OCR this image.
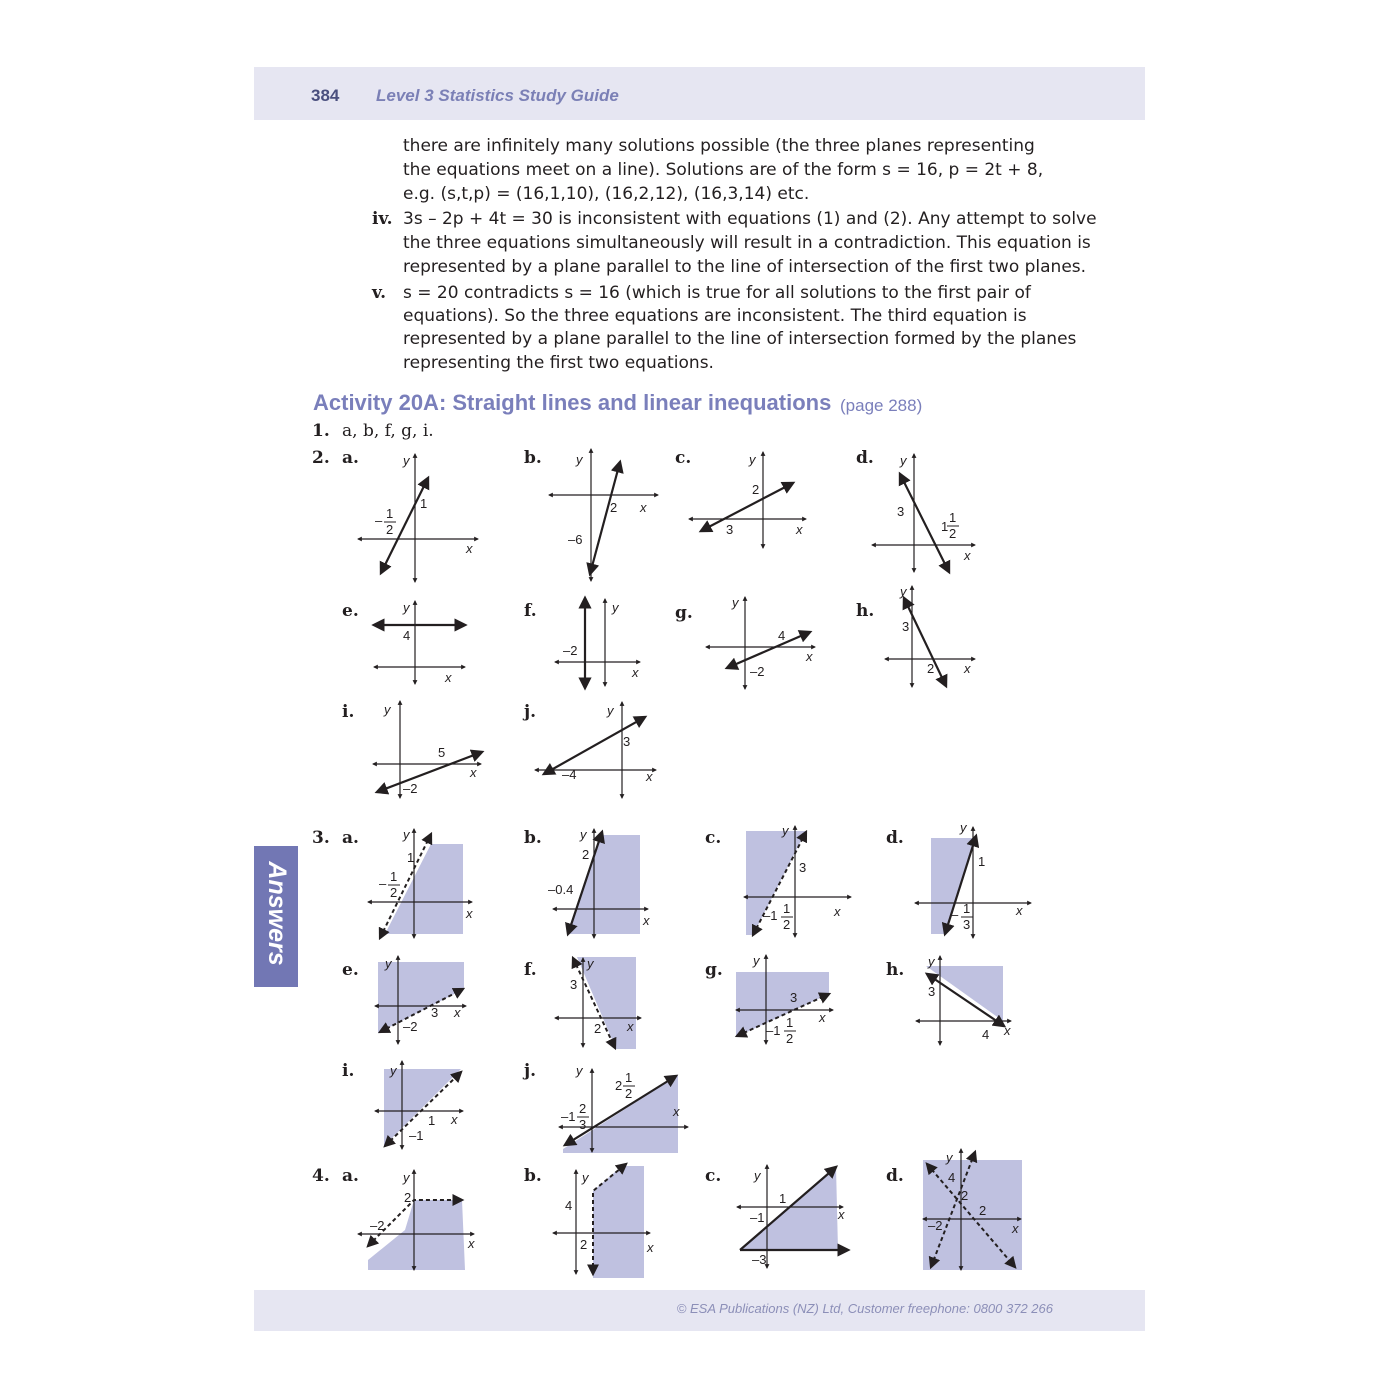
384 Level 3 Statistics Study Guide
there are infinitely many solutions possible (the three planes representing
the equations meet on a line). Solutions are of the form s = 16, p = 2t + 8,
e.g. (s,t,p) = (16,1,10), (16,2,12), (16,3,14) etc.
iv. 3s – 2p + 4t = 30 is inconsistent with equations (1) and (2). Any attempt to solve
the three equations simultaneously will result in a contradiction. This equation is
represented by a plane parallel to the line of intersection of the first two planes.
v. s = 20 contradicts s = 16 (which is true for all solutions to the first pair of
equations). So the three equations are inconsistent. The third equation is
represented by a plane parallel to the line of intersection formed by the planes
representing the first two equations.
Activity 20A: Straight lines and linear inequations (page 288)
1. a, b, f, g, i.
2. a.	b.	c.	d.
e.	f.	g.	h.
i.	j.
3. a.	b.	c.	d.
e.	f.	g.	h.
i.	j.
4. a.	b.	c.	d.
y
x
y
x
y
x
y
x
y
x
y
x
y
x
y
x
y
x
y
x
y
x
y
x
y
x
y
x
y
x
y
x
y
x
y
x
y
x
y
x
y
x
y
x
y
x
y
x
1
– 1
2
2
–6
2
3
3
1
1
2
4
–2
4
–2
3
2
5
–2
3
–4
1
– 1
2
2
–0.4
3
–1 1
2
1
– 1
3
3
–2
3
2
3
–1
1
2
3
4
1
–1
2
1
2
–1
2
3
2
–2
4
2
1
–1
–3
4
2
–2
2
Answers
© ESA Publications (NZ) Ltd, Customer freephone: 0800 372 266
